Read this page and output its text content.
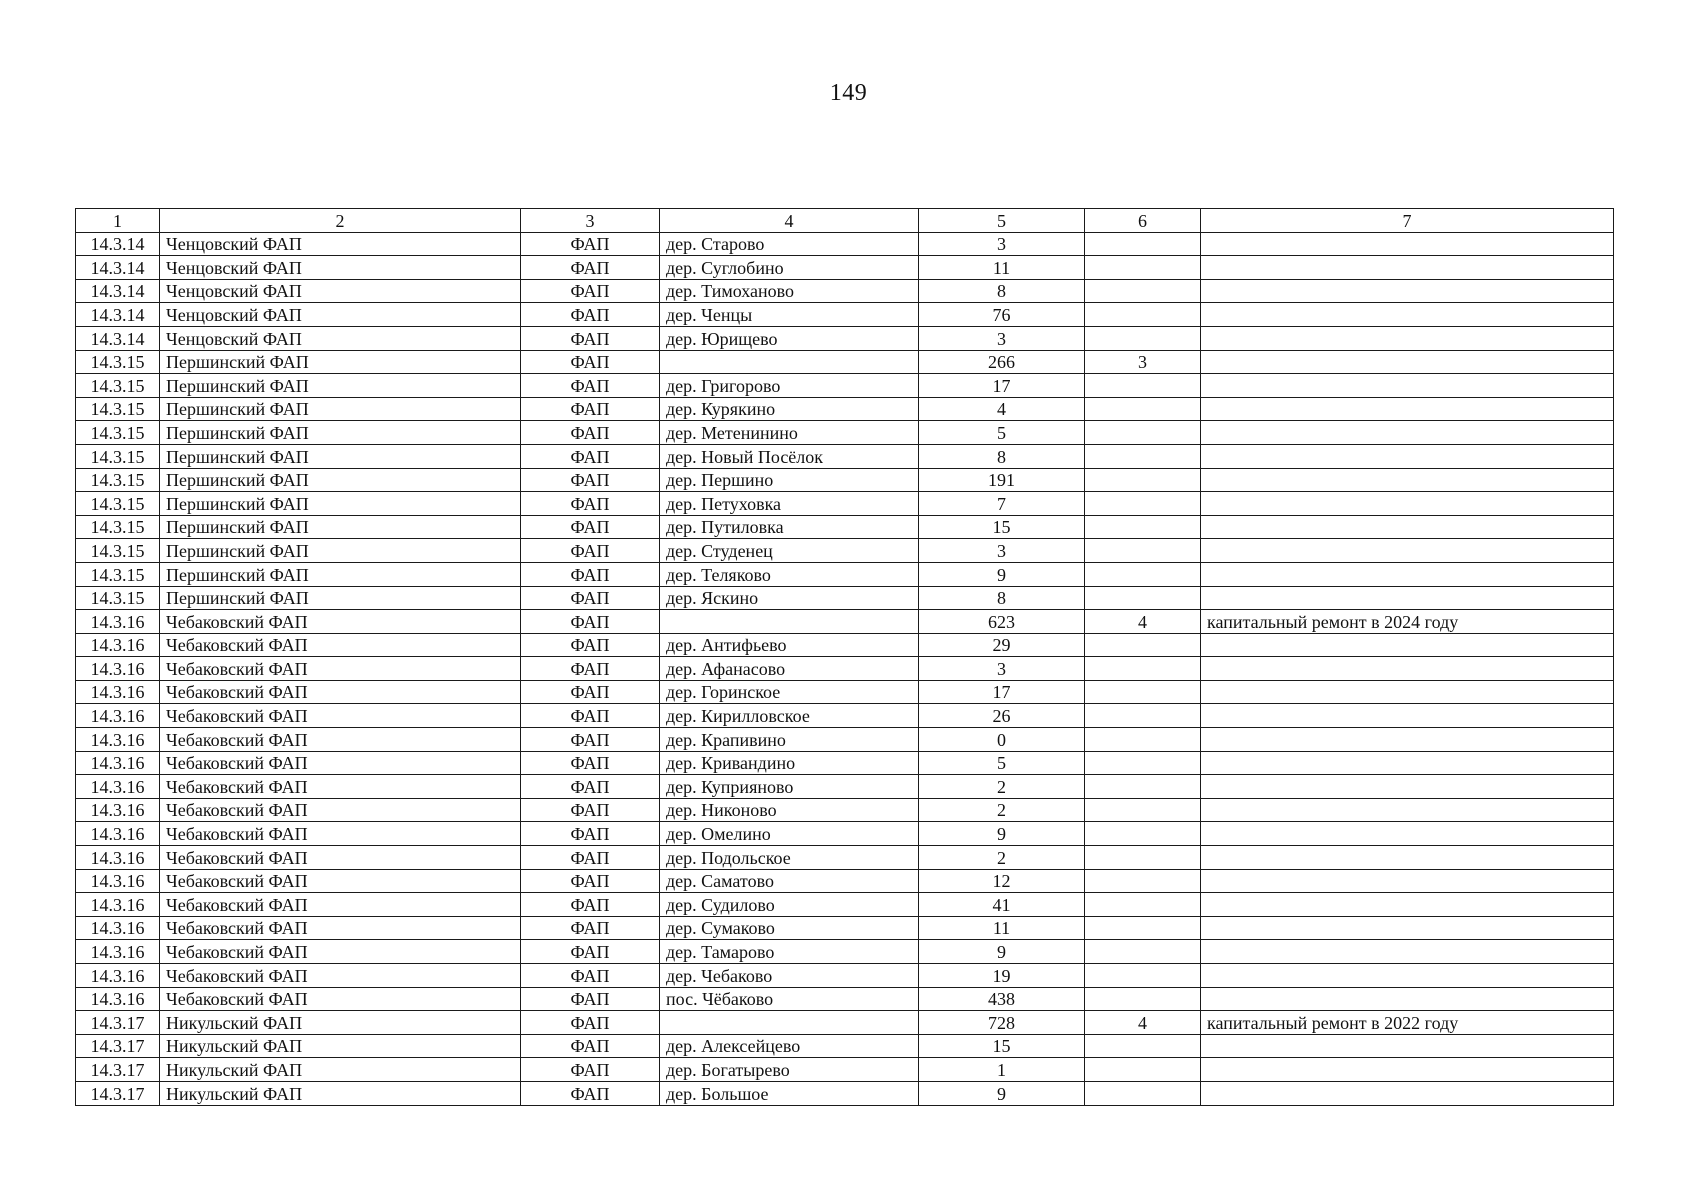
149
1	2	3	4	5	6	7
14.3.14	Ченцовский ФАП	ФАП	дер. Старово	3		
14.3.14	Ченцовский ФАП	ФАП	дер. Суглобино	11		
14.3.14	Ченцовский ФАП	ФАП	дер. Тимоханово	8		
14.3.14	Ченцовский ФАП	ФАП	дер. Ченцы	76		
14.3.14	Ченцовский ФАП	ФАП	дер. Юрищево	3		
14.3.15	Першинский ФАП	ФАП		266	3	
14.3.15	Першинский ФАП	ФАП	дер. Григорово	17		
14.3.15	Першинский ФАП	ФАП	дер. Курякино	4		
14.3.15	Першинский ФАП	ФАП	дер. Метенинино	5		
14.3.15	Першинский ФАП	ФАП	дер. Новый Посёлок	8		
14.3.15	Першинский ФАП	ФАП	дер. Першино	191		
14.3.15	Першинский ФАП	ФАП	дер. Петуховка	7		
14.3.15	Першинский ФАП	ФАП	дер. Путиловка	15		
14.3.15	Першинский ФАП	ФАП	дер. Студенец	3		
14.3.15	Першинский ФАП	ФАП	дер. Теляково	9		
14.3.15	Першинский ФАП	ФАП	дер. Яскино	8		
14.3.16	Чебаковский ФАП	ФАП		623	4	капитальный ремонт в 2024 году
14.3.16	Чебаковский ФАП	ФАП	дер. Антифьево	29		
14.3.16	Чебаковский ФАП	ФАП	дер. Афанасово	3		
14.3.16	Чебаковский ФАП	ФАП	дер. Горинское	17		
14.3.16	Чебаковский ФАП	ФАП	дер. Кирилловское	26		
14.3.16	Чебаковский ФАП	ФАП	дер. Крапивино	0		
14.3.16	Чебаковский ФАП	ФАП	дер. Кривандино	5		
14.3.16	Чебаковский ФАП	ФАП	дер. Куприяново	2		
14.3.16	Чебаковский ФАП	ФАП	дер. Никоново	2		
14.3.16	Чебаковский ФАП	ФАП	дер. Омелино	9		
14.3.16	Чебаковский ФАП	ФАП	дер. Подольское	2		
14.3.16	Чебаковский ФАП	ФАП	дер. Саматово	12		
14.3.16	Чебаковский ФАП	ФАП	дер. Судилово	41		
14.3.16	Чебаковский ФАП	ФАП	дер. Сумаково	11		
14.3.16	Чебаковский ФАП	ФАП	дер. Тамарово	9		
14.3.16	Чебаковский ФАП	ФАП	дер. Чебаково	19		
14.3.16	Чебаковский ФАП	ФАП	пос. Чёбаково	438		
14.3.17	Никульский ФАП	ФАП		728	4	капитальный ремонт в 2022 году
14.3.17	Никульский ФАП	ФАП	дер. Алексейцево	15		
14.3.17	Никульский ФАП	ФАП	дер. Богатырево	1		
14.3.17	Никульский ФАП	ФАП	дер. Большое	9		
